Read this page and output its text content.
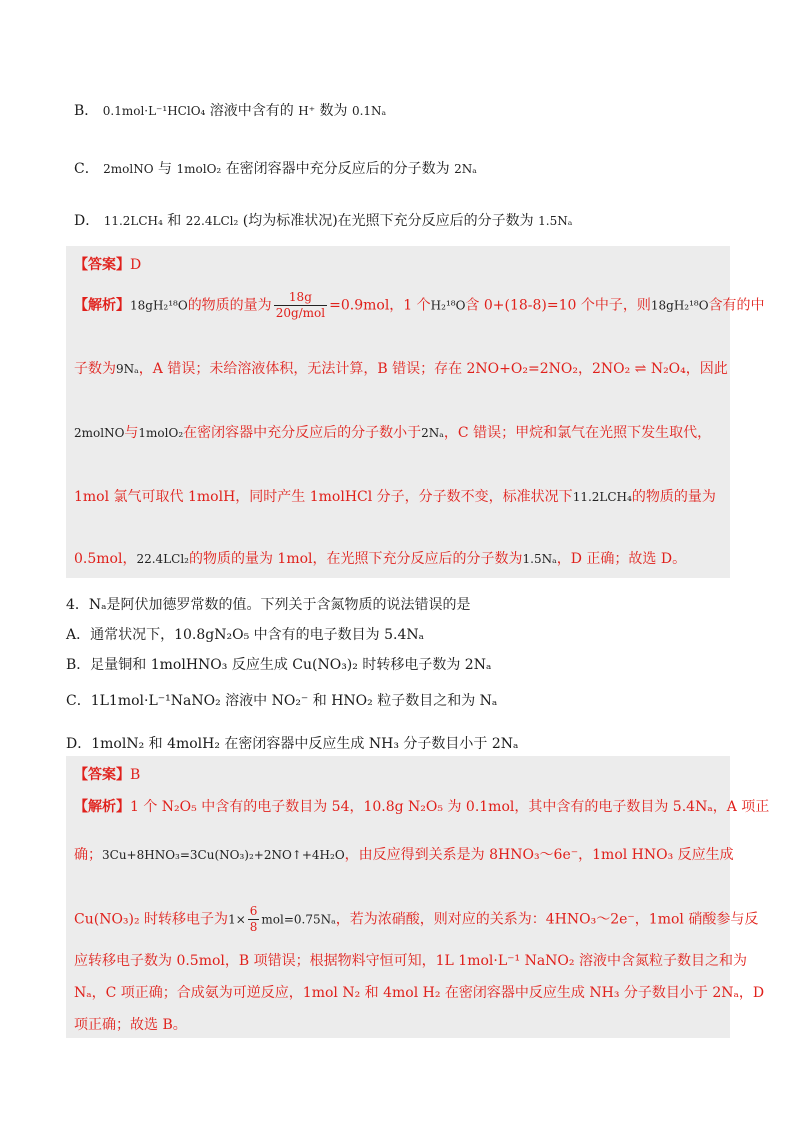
B． 0.1mol·L⁻¹HClO₄ 溶液中含有的 H⁺ 数为 0.1Nₐ
C． 2molNO 与 1molO₂ 在密闭容器中充分反应后的分子数为 2Nₐ
D． 11.2LCH₄ 和 22.4LCl₂ (均为标准状况)在光照下充分反应后的分子数为 1.5Nₐ
【答案】D
【解析】18gH₂¹⁸O的物质的量为 $\frac{18g}{\text{20g/mol}} =0.9mol$，1 个H₂¹⁸O含 0+(18-8)=10 个中子，则18gH₂¹⁸O含有的中
子数为9Nₐ，A 错误；未给溶液体积，无法计算，B 错误；存在 2NO+O₂=2NO₂，2NO₂ ⇌ N₂O₄，因此
2molNO与1molO₂在密闭容器中充分反应后的分子数小于2Nₐ，C 错误；甲烷和氯气在光照下发生取代，
1mol 氯气可取代 1molH，同时产生 1molHCl 分子，分子数不变，标准状况下11.2LCH₄的物质的量为
0.5mol，22.4LCl₂的物质的量为 1mol，在光照下充分反应后的分子数为1.5Nₐ，D 正确；故选 D。
4．Nₐ是阿伏加德罗常数的值。下列关于含氮物质的说法错误的是
A．通常状况下，10.8gN₂O₅ 中含有的电子数目为 5.4Nₐ
B．足量铜和 1molHNO₃ 反应生成 Cu(NO₃)₂ 时转移电子数为 2Nₐ
C．1L1mol·L⁻¹NaNO₂ 溶液中 NO₂⁻ 和 HNO₂ 粒子数目之和为 Nₐ
D．1molN₂ 和 4molH₂ 在密闭容器中反应生成 NH₃ 分子数目小于 2Nₐ
【答案】B
【解析】1 个 N₂O₅ 中含有的电子数目为 54，10.8g N₂O₅ 为 0.1mol，其中含有的电子数目为 5.4Nₐ，A 项正
确；3Cu+8HNO₃=3Cu(NO₃)₂+2NO↑+4H₂O，由反应得到关系是为 8HNO₃～6e⁻，1mol HNO₃ 反应生成
Cu(NO₃)₂ 时转移电子为$1\times \frac{6}{8} mol=0.75N_a$，若为浓硝酸，则对应的关系为：4HNO₃～2e⁻，1mol 硝酸参与反
应转移电子数为 0.5mol，B 项错误；根据物料守恒可知，1L 1mol·L⁻¹ NaNO₂ 溶液中含氮粒子数目之和为
Nₐ，C 项正确；合成氨为可逆反应，1mol N₂ 和 4mol H₂ 在密闭容器中反应生成 NH₃ 分子数目小于 2Nₐ，D
项正确；故选 B。
